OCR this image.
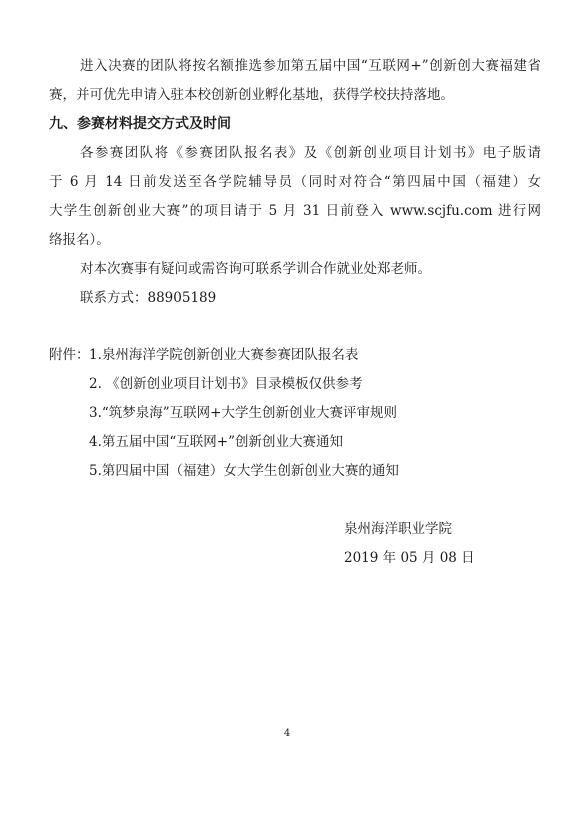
进入决赛的团队将按名额推选参加第五届中国“互联网+”创新创大赛福建省
赛，并可优先申请入驻本校创新创业孵化基地，获得学校扶持落地。
九、参赛材料提交方式及时间
各参赛团队将《参赛团队报名表》及《创新创业项目计划书》电子版请
于 6 月 14 日前发送至各学院辅导员（同时对符合“第四届中国（福建）女
大学生创新创业大赛”的项目请于 5 月 31 日前登入 www.scjfu.com 进行网
络报名）。
对本次赛事有疑问或需咨询可联系学训合作就业处郑老师。
联系方式：88905189
附件： 1.泉州海洋学院创新创业大赛参赛团队报名表
2. 《创新创业项目计划书》目录模板仅供参考
3.“筑梦泉海”互联网+大学生创新创业大赛评审规则
4.第五届中国“互联网+”创新创业大赛通知
5.第四届中国（福建）女大学生创新创业大赛的通知
泉州海洋职业学院
2019 年 05 月 08 日
4
